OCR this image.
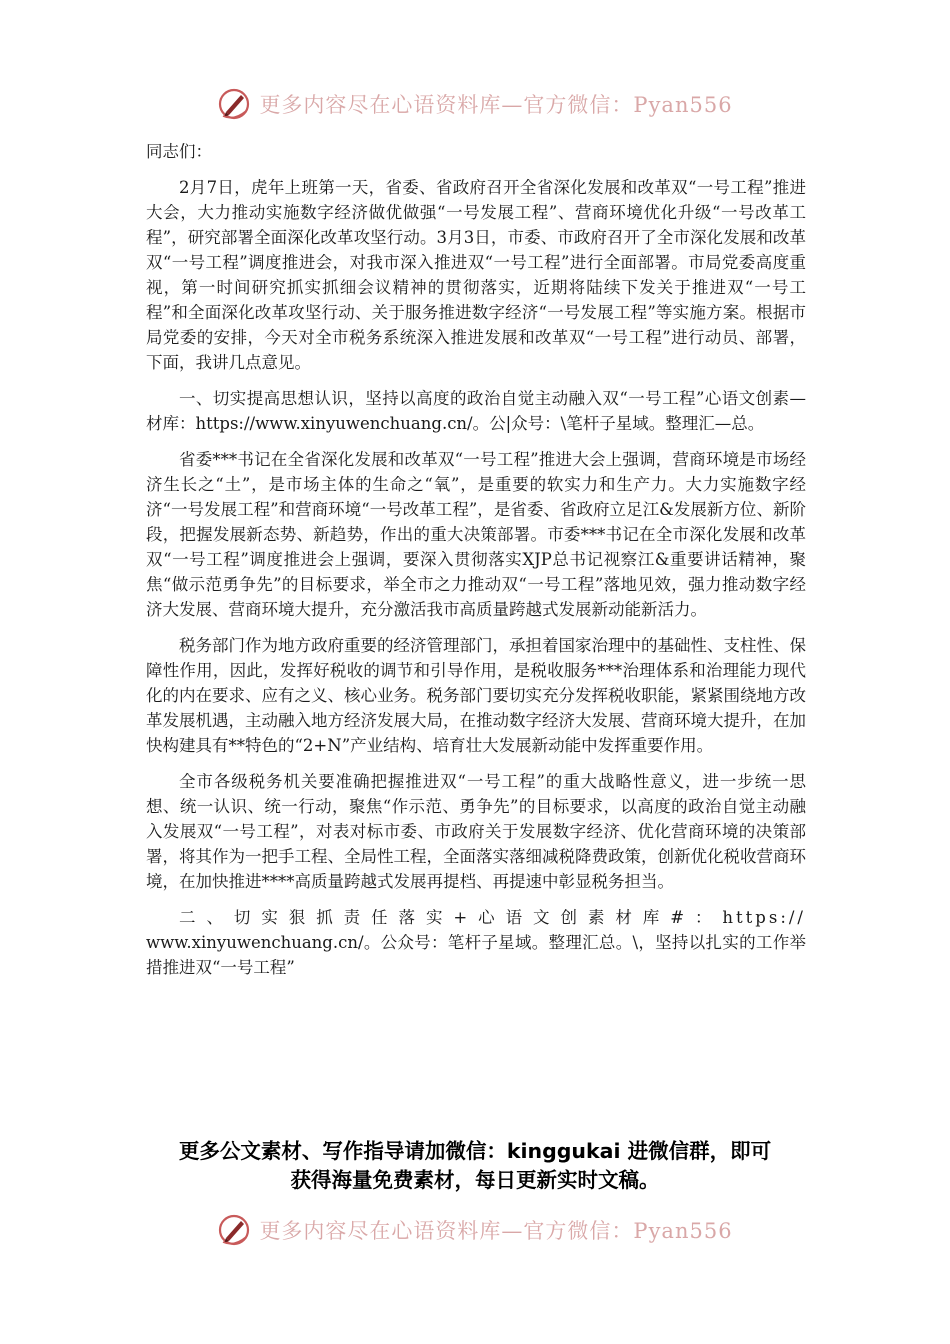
更多内容尽在心语资料库—官方微信：Pyan556

同志们：

2月7日，虎年上班第一天，省委、省政府召开全省深化发展和改革双“一号工程”推进大会，大力推动实施数字经济做优做强“一号发展工程”、营商环境优化升级“一号改革工程”，研究部署全面深化改革攻坚行动。3月3日，市委、市政府召开了全市深化发展和改革双“一号工程”调度推进会，对我市深入推进双“一号工程”进行全面部署。市局党委高度重视，第一时间研究抓实抓细会议精神的贯彻落实，近期将陆续下发关于推进双“一号工程”和全面深化改革攻坚行动、关于服务推进数字经济“一号发展工程”等实施方案。根据市局党委的安排，今天对全市税务系统深入推进发展和改革双“一号工程”进行动员、部署，下面，我讲几点意见。

一、切实提高思想认识，坚持以高度的政治自觉主动融入双“一号工程”心语文创素—材库：https://www.xinyuwenchuang.cn/。公|众号：\笔杆子星域。整理汇—总。

省委***书记在全省深化发展和改革双“一号工程”推进大会上强调，营商环境是市场经济生长之“土”，是市场主体的生命之“氧”，是重要的软实力和生产力。大力实施数字经济“一号发展工程”和营商环境“一号改革工程”，是省委、省政府立足江&发展新方位、新阶段，把握发展新态势、新趋势，作出的重大决策部署。市委***书记在全市深化发展和改革双“一号工程”调度推进会上强调，要深入贯彻落实XJP总书记视察江&重要讲话精神，聚焦“做示范勇争先”的目标要求，举全市之力推动双“一号工程”落地见效，强力推动数字经济大发展、营商环境大提升，充分激活我市高质量跨越式发展新动能新活力。

税务部门作为地方政府重要的经济管理部门，承担着国家治理中的基础性、支柱性、保障性作用，因此，发挥好税收的调节和引导作用，是税收服务***治理体系和治理能力现代化的内在要求、应有之义、核心业务。税务部门要切实充分发挥税收职能，紧紧围绕地方改革发展机遇，主动融入地方经济发展大局，在推动数字经济大发展、营商环境大提升，在加快构建具有**特色的“2+N”产业结构、培育壮大发展新动能中发挥重要作用。

全市各级税务机关要准确把握推进双“一号工程”的重大战略性意义，进一步统一思想、统一认识、统一行动，聚焦“作示范、勇争先”的目标要求，以高度的政治自觉主动融入发展双“一号工程”，对表对标市委、市政府关于发展数字经济、优化营商环境的决策部署，将其作为一把手工程、全局性工程，全面落实落细减税降费政策，创新优化税收营商环境，在加快推进****高质量跨越式发展再提档、再提速中彰显税务担当。

二、切实狠抓责任落实+心语文创素材库#：https://
www.xinyuwenchuang.cn/。公众号：笔杆子星域。整理汇总。\，坚持以扎实的工作举措推进双“一号工程”

更多公文素材、写作指导请加微信：kinggukai 进微信群，即可
获得海量免费素材，每日更新实时文稿。
更多内容尽在心语资料库—官方微信：Pyan556
